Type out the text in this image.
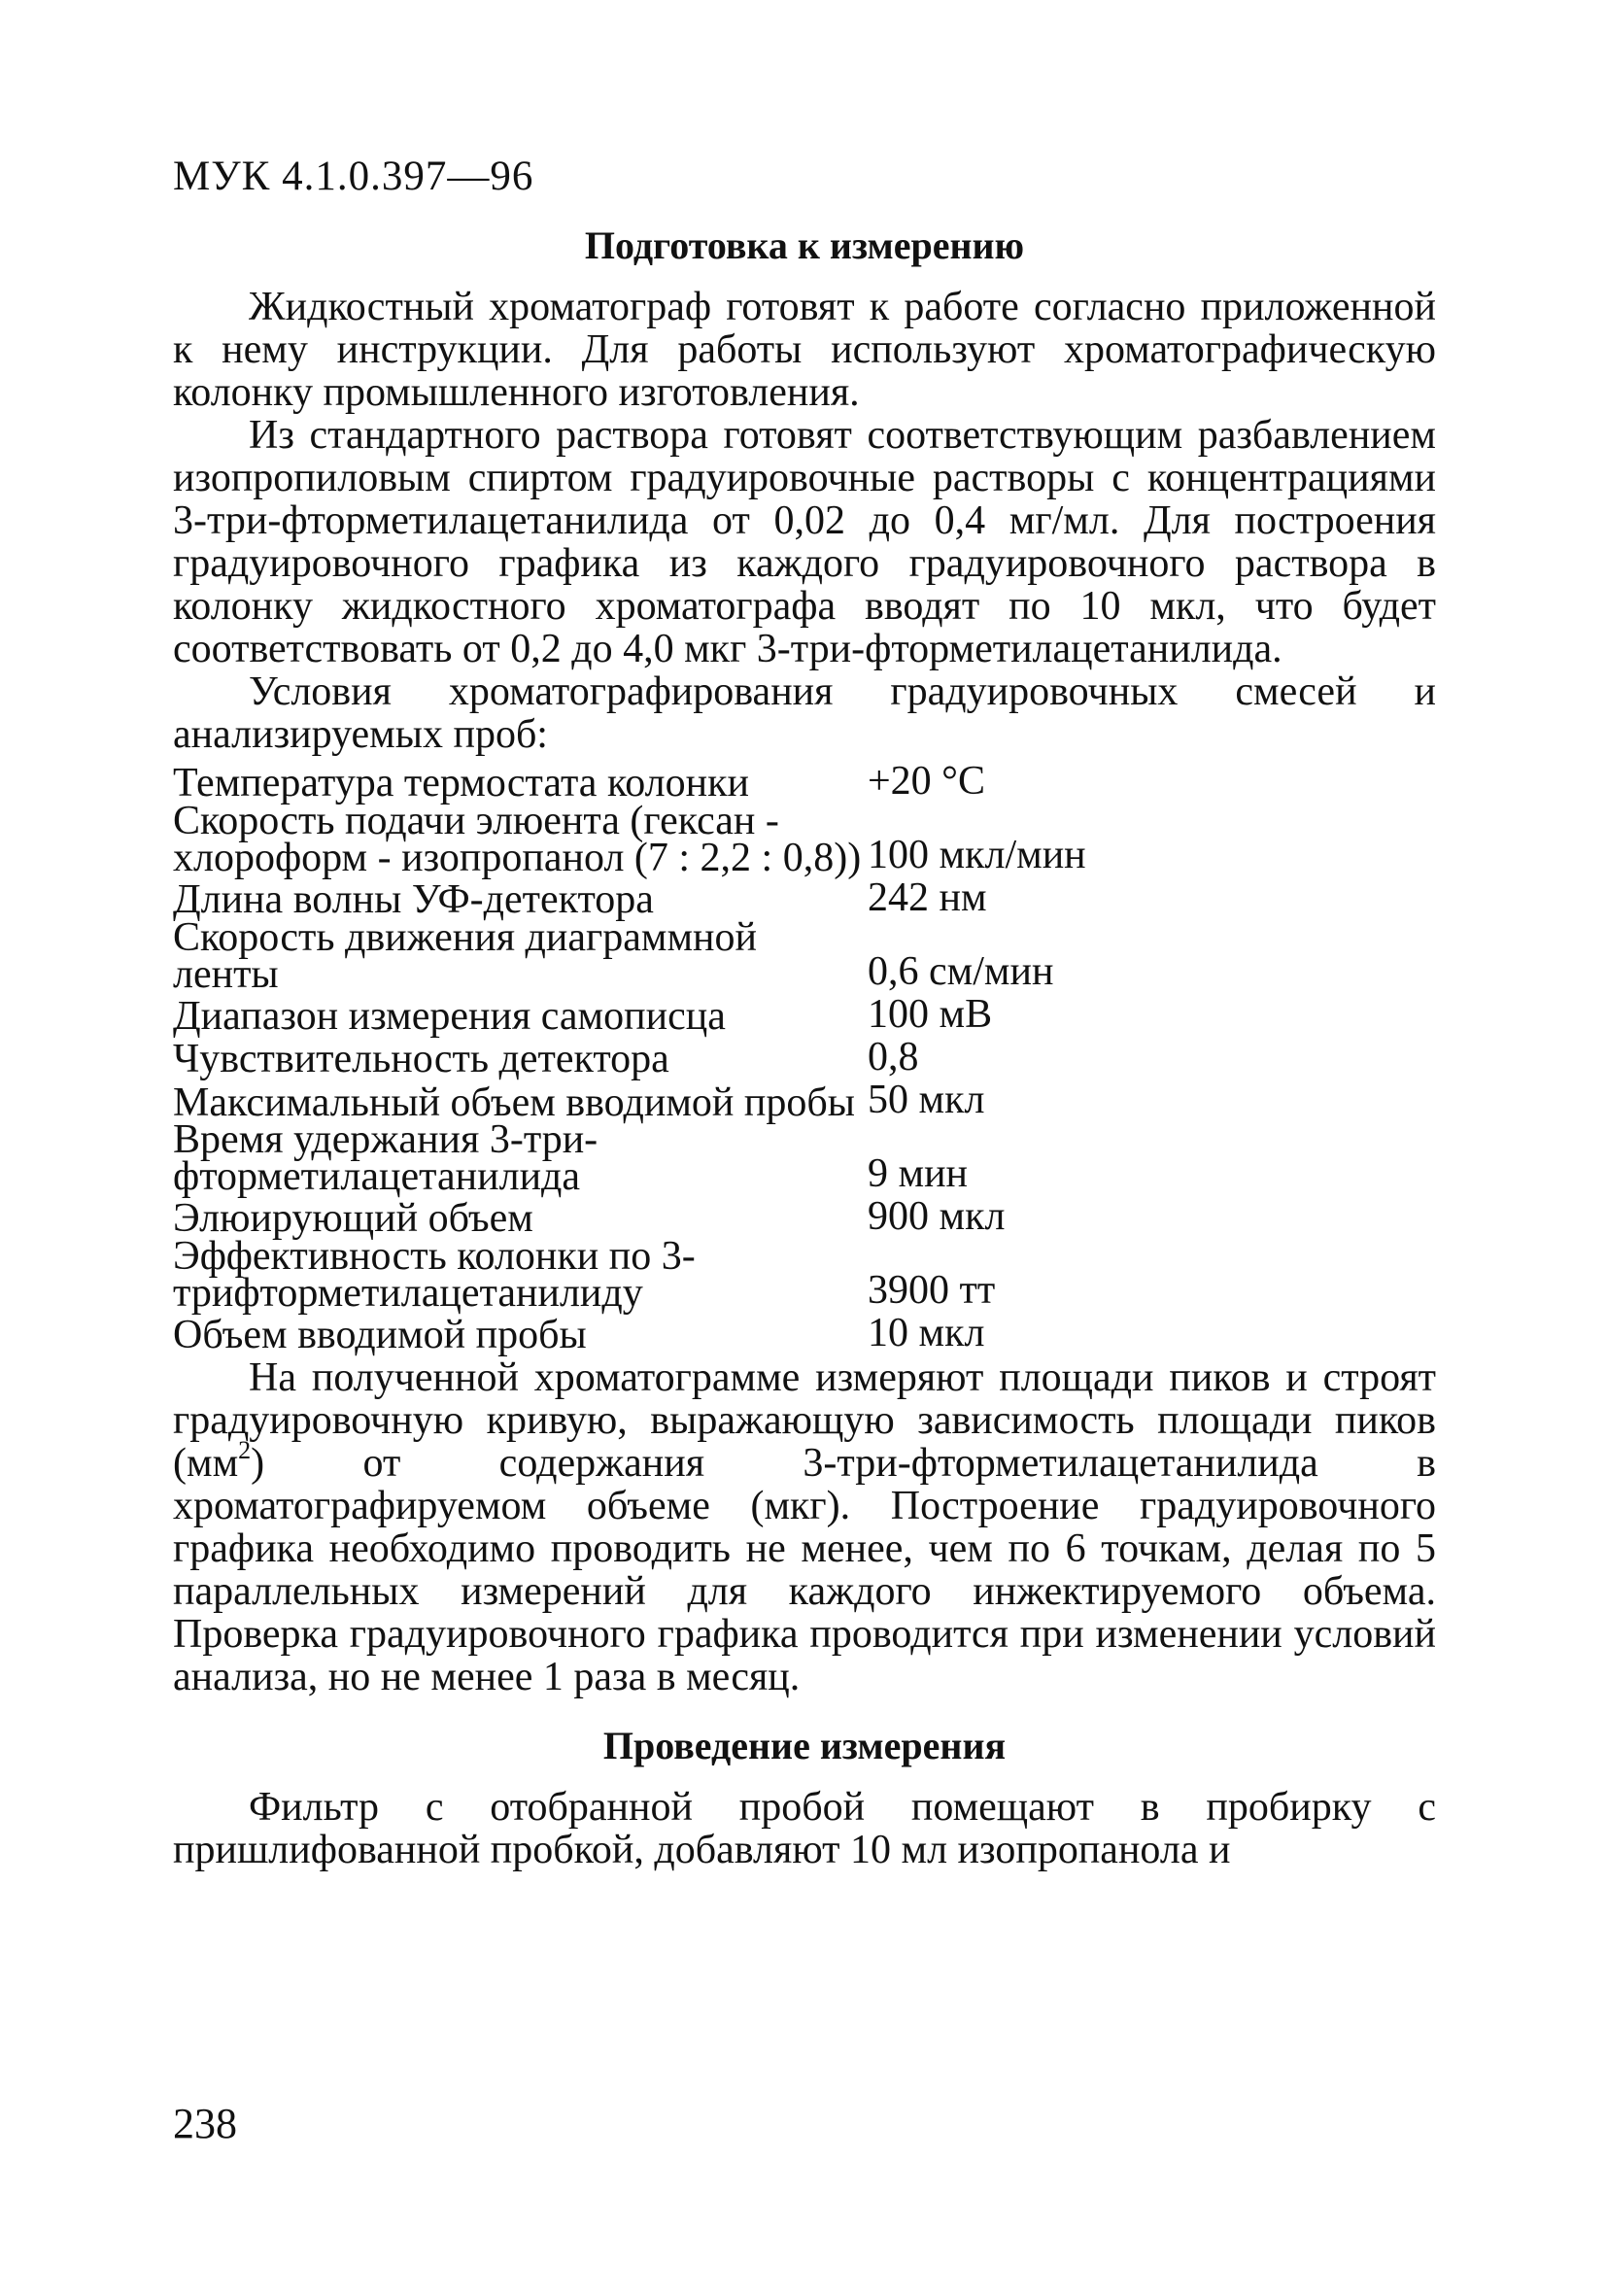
МУК 4.1.0.397—96
Подготовка к измерению

Жидкостный хроматограф готовят к работе согласно приложенной к нему инструкции. Для работы используют хроматографическую колонку промышленного изготовления.

Из стандартного раствора готовят соответствующим разбавлением изопропиловым спиртом градуировочные растворы с концентрациями 3-три-фторметилацетанилида от 0,02 до 0,4 мг/мл. Для построения градуировочного графика из каждого градуировочного раствора в колонку жидкостного хроматографа вводят по 10 мкл, что будет соответствовать от 0,2 до 4,0 мкг 3-три-фторметилацетанилида.

Условия хроматографирования градуировочных смесей и анализируемых проб:

Температура термостата колонки	+20 °С
Скорость подачи элюента (гексан - хлороформ - изопропанол (7 : 2,2 : 0,8)) 100 мкл/мин
Длина волны УФ-детектора	242 нм
Скорость движения диаграммной ленты	0,6 см/мин
Диапазон измерения самописца	100 мВ
Чувствительность детектора	0,8
Максимальный объем вводимой пробы 50 мкл
Время удержания 3-три-фторметилацетанилида	9 мин
Элюирующий объем	900 мкл
Эффективность колонки по 3-трифторметилацетанилиду	3900 тт
Объем вводимой пробы	10 мкл

На полученной хроматограмме измеряют площади пиков и строят градуировочную кривую, выражающую зависимость площади пиков $(мм^2)$ от содержания 3-три-фторметилацетанилида в хроматографируемом объеме (мкг). Построение градуировочного графика необходимо проводить не менее, чем по 6 точкам, делая по 5 параллельных измерений для каждого инжектируемого объема. Проверка градуировочного графика проводится при изменении условий анализа, но не менее 1 раза в месяц.

Проведение измерения

Фильтр с отобранной пробой помещают в пробирку с пришлифованной пробкой, добавляют 10 мл изопропанола и

238
